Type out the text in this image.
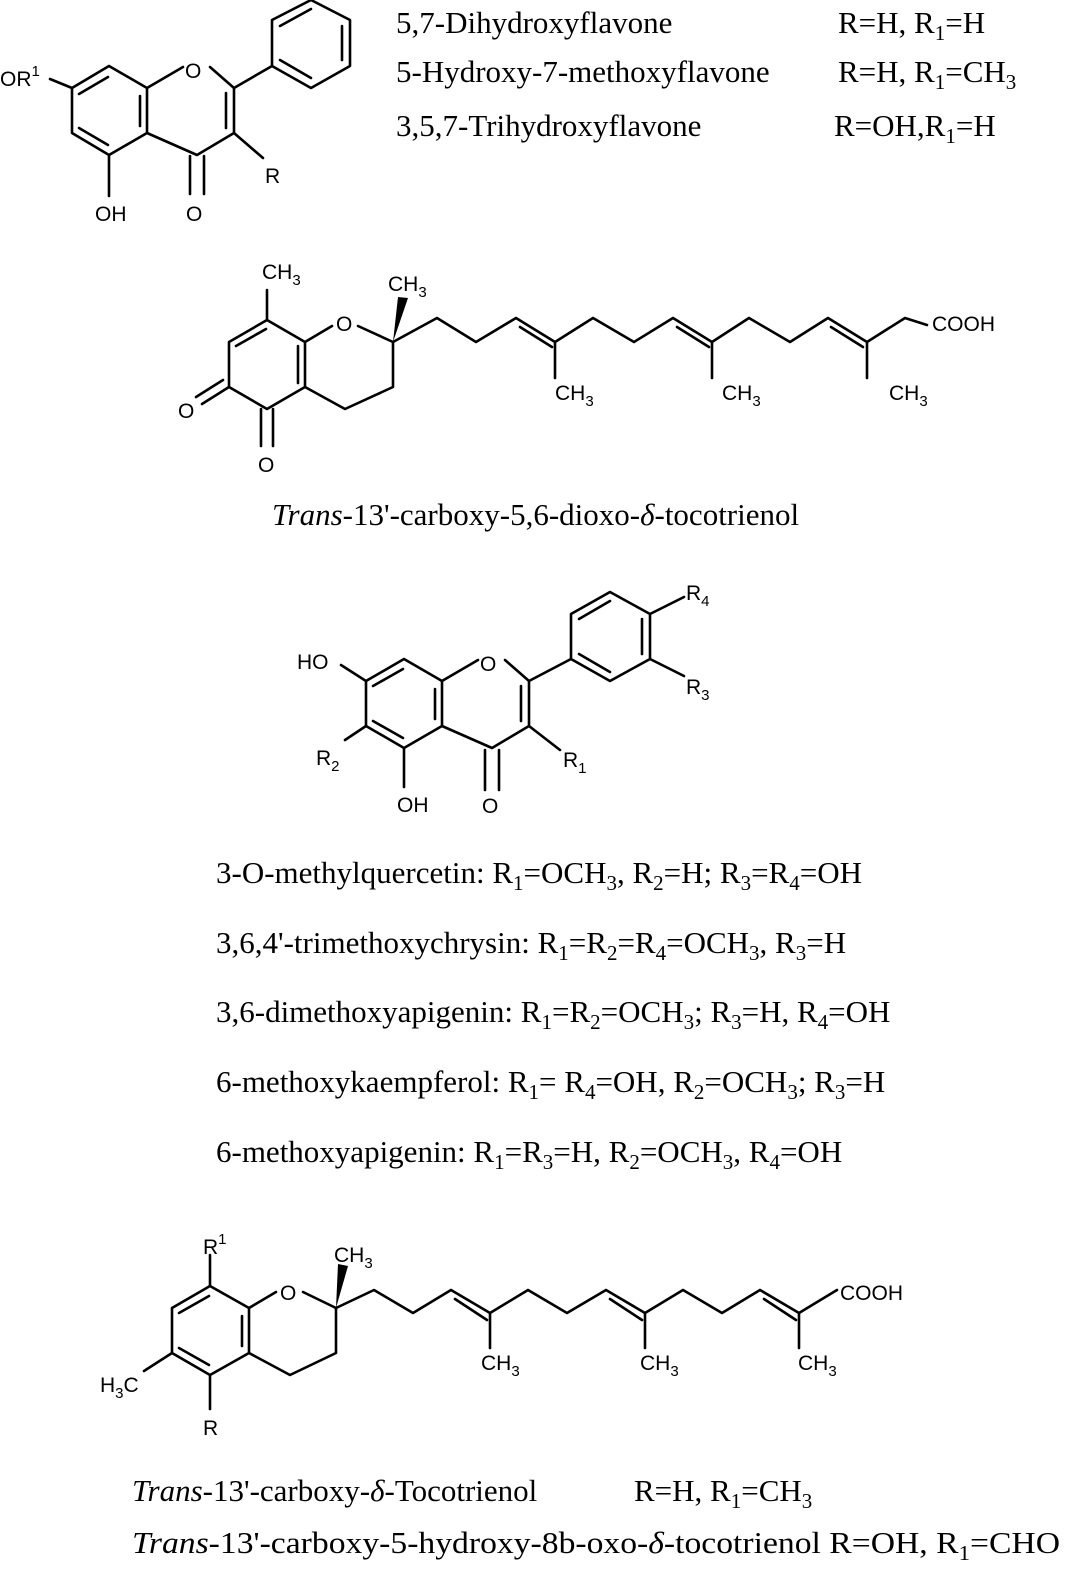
$OR^1$	O
R
OH	O
5,7-Dihydroxyflavone	R=H, $R_1=H$
5-Hydroxy-7-methoxyflavone R=H, $R_1=CH_3$
3,5,7-Trihydroxyflavone	$R=OH,R_1=H$
$CH_3$	$CH_3$
O	COOH
$CH_3$	$CH_3$	$CH_3$
O
O
Trans-13'-carboxy-5,6-dioxo-δ-tocotrienol
$R_4$
HO	O
$R_3$
$R_2$	$R_1$
OH	O
3-O-methylquercetin: $R_1=OCH_3$, $R_2=H$; $R_3=R_4=OH$
3,6,4'-trimethoxychrysin: $R_1=R_2=R_4=OCH_3$, $R_3=H$
3,6-dimethoxyapigenin: $R_1=R_2=OCH_3$; $R_3=H$, $R_4=OH$
6-methoxykaempferol: $R_1= R_4=OH$, $R_2=OCH_3$; $R_3=H$
6-methoxyapigenin: $R_1=R_3=H$, $R_2=OCH_3$, $R_4=OH$
$R^1$
$CH_3$
O	COOH
$H_3C$
$CH_3$	$CH_3$	$CH_3$
R
Trans-13'-carboxy-δ-Tocotrienol	R=H, $R_1=CH_3$
Trans -13'-carboxy-5-hydroxy-8b-oxo- δ-tocotrienol R=OH, R $_1$=CHO
